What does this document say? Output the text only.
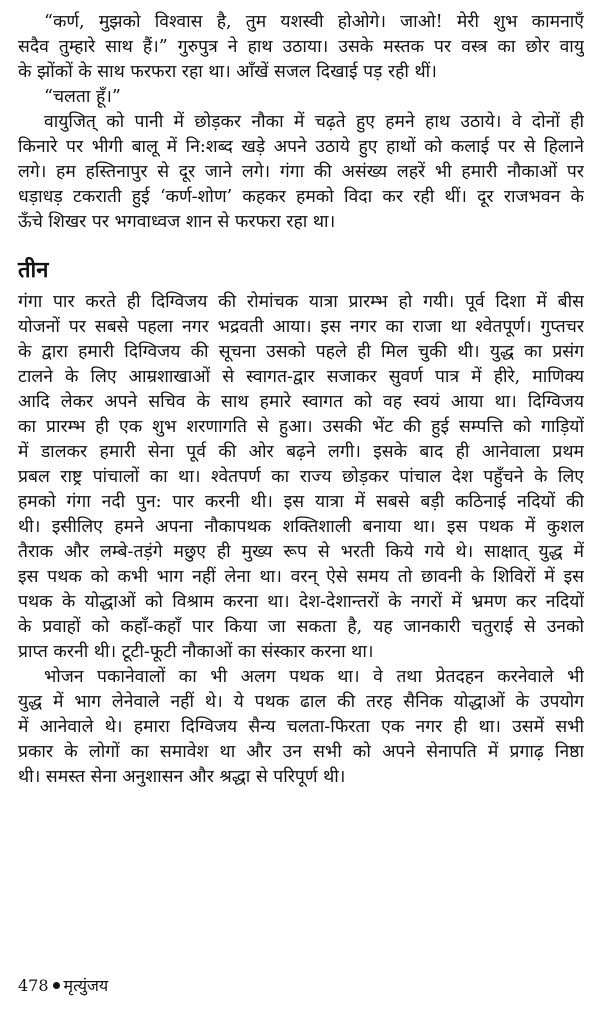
“कर्ण, मुझको विश्वास है, तुम यशस्वी होओगे। जाओ! मेरी शुभ कामनाएँ
सदैव तुम्हारे साथ हैं।” गुरुपुत्र ने हाथ उठाया। उसके मस्तक पर वस्त्र का छोर वायु
के झोंकों के साथ फरफरा रहा था। आँखें सजल दिखाई पड़ रही थीं।
“चलता हूँ।”
वायुजित् को पानी में छोड़कर नौका में चढ़ते हुए हमने हाथ उठाये। वे दोनों ही
किनारे पर भीगी बालू में नि:शब्द खड़े अपने उठाये हुए हाथों को कलाई पर से हिलाने
लगे। हम हस्तिनापुर से दूर जाने लगे। गंगा की असंख्य लहरें भी हमारी नौकाओं पर
धड़ाधड़ टकराती हुई ‘कर्ण-शोण’ कहकर हमको विदा कर रही थीं। दूर राजभवन के
ऊँचे शिखर पर भगवाध्वज शान से फरफरा रहा था।
तीन
गंगा पार करते ही दिग्विजय की रोमांचक यात्रा प्रारम्भ हो गयी। पूर्व दिशा में बीस
योजनों पर सबसे पहला नगर भद्रवती आया। इस नगर का राजा था श्वेतपूर्ण। गुप्तचर
के द्वारा हमारी दिग्विजय की सूचना उसको पहले ही मिल चुकी थी। युद्ध का प्रसंग
टालने के लिए आम्रशाखाओं से स्वागत-द्वार सजाकर सुवर्ण पात्र में हीरे, माणिक्य
आदि लेकर अपने सचिव के साथ हमारे स्वागत को वह स्वयं आया था। दिग्विजय
का प्रारम्भ ही एक शुभ शरणागति से हुआ। उसकी भेंट की हुई सम्पत्ति को गाड़ियों
में डालकर हमारी सेना पूर्व की ओर बढ़ने लगी। इसके बाद ही आनेवाला प्रथम
प्रबल राष्ट्र पांचालों का था। श्वेतपर्ण का राज्य छोड़कर पांचाल देश पहुँचने के लिए
हमको गंगा नदी पुन: पार करनी थी। इस यात्रा में सबसे बड़ी कठिनाई नदियों की
थी। इसीलिए हमने अपना नौकापथक शक्तिशाली बनाया था। इस पथक में कुशल
तैराक और लम्बे-तड़ंगे मछुए ही मुख्य रूप से भरती किये गये थे। साक्षात् युद्ध में
इस पथक को कभी भाग नहीं लेना था। वरन् ऐसे समय तो छावनी के शिविरों में इस
पथक के योद्धाओं को विश्राम करना था। देश-देशान्तरों के नगरों में भ्रमण कर नदियों
के प्रवाहों को कहाँ-कहाँ पार किया जा सकता है, यह जानकारी चतुराई से उनको
प्राप्त करनी थी। टूटी-फूटी नौकाओं का संस्कार करना था।
भोजन पकानेवालों का भी अलग पथक था। वे तथा प्रेतदहन करनेवाले भी
युद्ध में भाग लेनेवाले नहीं थे। ये पथक ढाल की तरह सैनिक योद्धाओं के उपयोग
में आनेवाले थे। हमारा दिग्विजय सैन्य चलता-फिरता एक नगर ही था। उसमें सभी
प्रकार के लोगों का समावेश था और उन सभी को अपने सेनापति में प्रगाढ़ निष्ठा
थी। समस्त सेना अनुशासन और श्रद्धा से परिपूर्ण थी।
478 मृत्युंजय
